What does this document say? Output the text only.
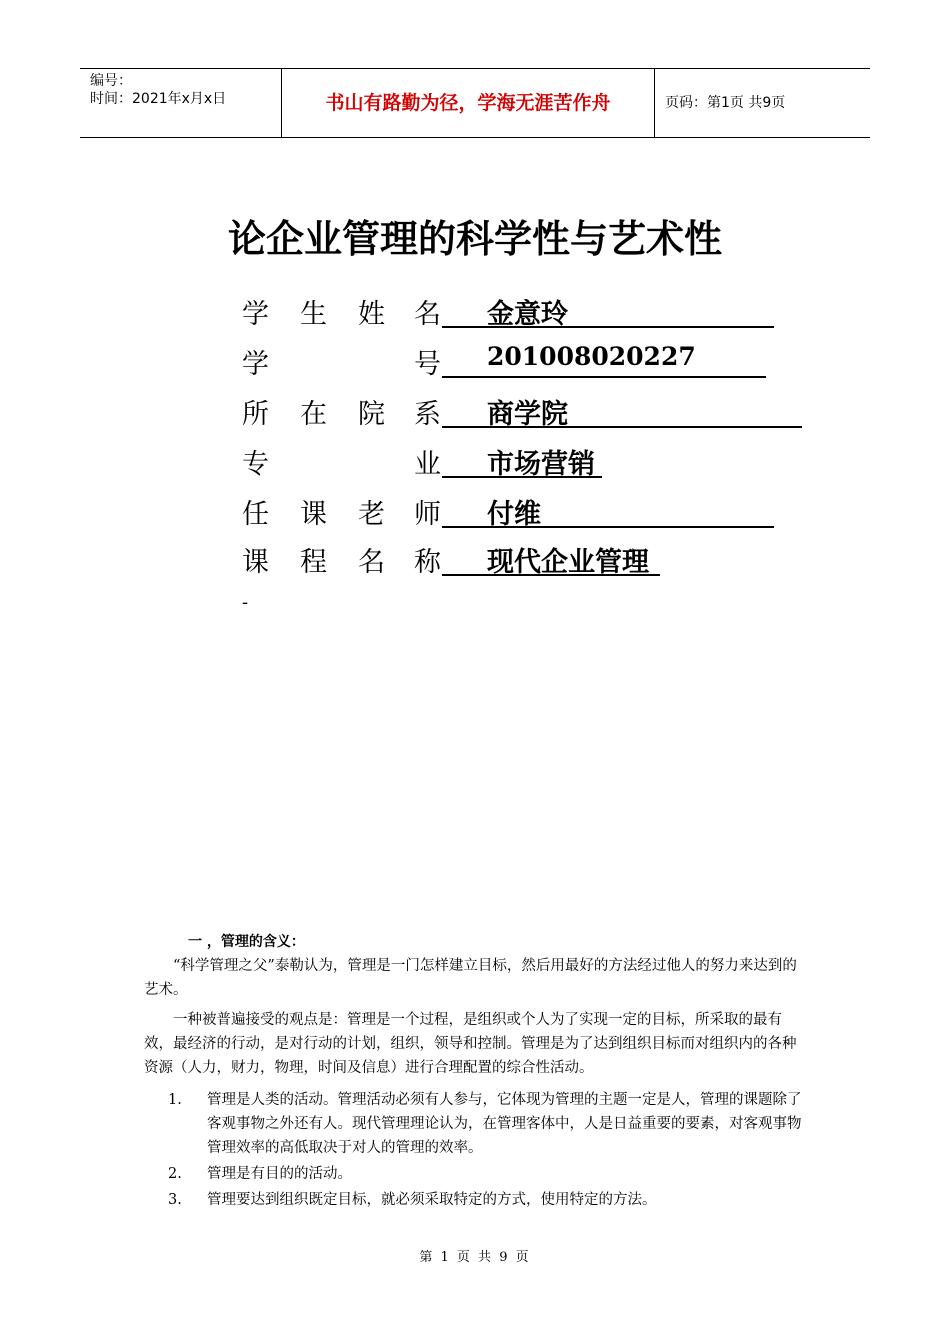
编号：
时间：2021年x月x日	书山有路勤为径，学海无涯苦作舟	页码：第1页 共9页
论企业管理的科学性与艺术性
学 生 姓 名 金意玲
学	号 201008020227
所 在 院 系 商学院
专	业 市场营销
任 课 老 师 付维
课 程 名 称 现代企业管理
-

一 ，管理的含义：

“科学管理之父”泰勒认为，管理是一门怎样建立目标，然后用最好的方法经过他人的努力来达到的艺术。

一种被普遍接受的观点是：管理是一个过程，是组织或个人为了实现一定的目标，所采取的最有效，最经济的行动，是对行动的计划，组织，领导和控制。管理是为了达到组织目标而对组织内的各种资源（人力，财力，物理，时间及信息）进行合理配置的综合性活动。

1. 管理是人类的活动。管理活动必须有人参与，它体现为管理的主题一定是人，管理的课题除了客观事物之外还有人。现代管理理论认为，在管理客体中，人是日益重要的要素，对客观事物管理效率的高低取决于对人的管理的效率。
2. 管理是有目的的活动。
3. 管理要达到组织既定目标，就必须采取特定的方式，使用特定的方法。
第 1 页 共 9 页
